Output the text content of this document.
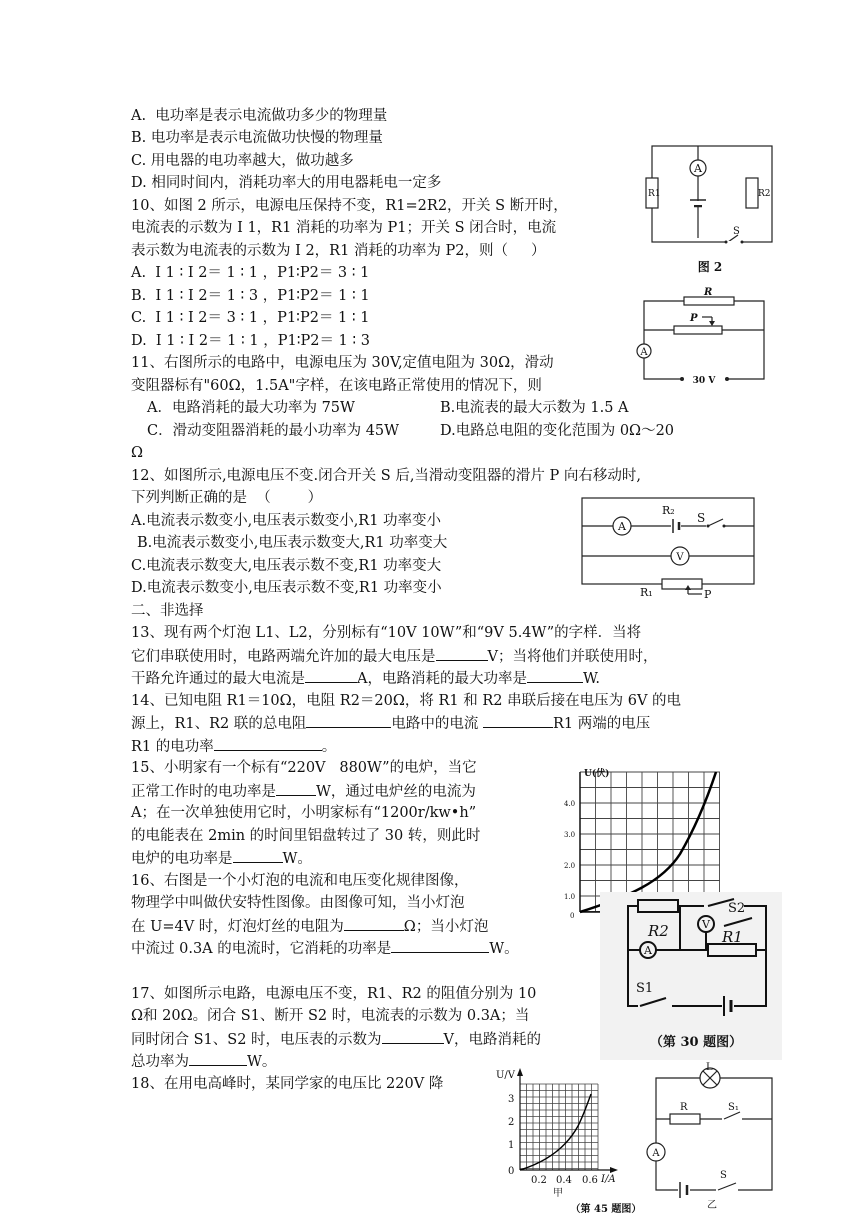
A.  电功率是表示电流做功多少的物理量
B. 电功率是表示电流做功快慢的物理量
C. 用电器的电功率越大，做功越多
D. 相同时间内，消耗功率大的用电器耗电一定多
10、如图 2 所示，电源电压保持不变，R1=2R2，开关 S 断开时，
电流表的示数为 I 1，R1 消耗的功率为 P1；开关 S 闭合时，电流
表示数为电流表的示数为 I 2，R1 消耗的功率为 P2，则（     ）
A.  I 1 ∶ I 2＝ 1 ∶ 1 ，P1∶P2＝ 3 ∶ 1
B.  I 1 ∶ I 2＝ 1 ∶ 3 ，P1∶P2＝ 1 ∶ 1
C.  I 1 ∶ I 2＝ 3 ∶ 1 ，P1∶P2＝ 1 ∶ 1
D.  I 1 ∶ I 2＝ 1 ∶ 1 ，P1∶P2＝ 1 ∶ 3
11、右图所示的电路中，电源电压为 30V,定值电阻为 30Ω，滑动
变阻器标有"60Ω，1.5A"字样，在该电路正常使用的情况下，则
A．电路消耗的最大功率为 75W	B.电流表的最大示数为 1.5 A
C．滑动变阻器消耗的最小功率为 45W	D.电路总电阻的变化范围为 0Ω～20
Ω
12、如图所示,电源电压不变.闭合开关 S 后,当滑动变阻器的滑片 P 向右移动时,
下列判断正确的是  （        ）
A.电流表示数变小,电压表示数变小,R1 功率变小
B.电流表示数变小,电压表示数变大,R1 功率变大
C.电流表示数变大,电压表示数不变,R1 功率变大
D.电流表示数变小,电压表示数不变,R1 功率变小
二、非选择
13、现有两个灯泡 L1、L2，分别标有“10V 10W”和“9V 5.4W”的字样．当将
它们串联使用时，电路两端允许加的最大电压是	V；当将他们并联使用时，
干路允许通过的最大电流是	A，电路消耗的最大功率是	W.
14、已知电阻 R1＝10Ω，电阻 R2＝20Ω，将 R1 和 R2 串联后接在电压为 6V 的电
源上，R1、R2 联的总电阻	电路中的电流	R1 两端的电压
R1 的电功率	。
15、小明家有一个标有“220V   880W”的电炉，当它
正常工作时的电功率是	W，通过电炉丝的电流为
A；在一次单独使用它时，小明家标有“1200r/kw•h”
的电能表在 2min 的时间里铝盘转过了 30 转，则此时
电炉的电功率是	W。
16、右图是一个小灯泡的电流和电压变化规律图像，
物理学中叫做伏安特性图像。由图像可知，当小灯泡
在 U=4V 时，灯泡灯丝的电阻为	Ω；当小灯泡
中流过 0.3A 的电流时，它消耗的功率是	W。
17、如图所示电路，电源电压不变，R1、R2 的阻值分别为 10
Ω和 20Ω。闭合 S1、断开 S2 时，电流表的示数为 0.3A；当
同时闭合 S1、S2 时，电压表的示数为	V，电路消耗的
总功率为	W。
18、在用电高峰时，某同学家的电压比 220V 降
A
R1	R2
S
图 2
R
P
A
30 V
A
V
R₂
S
R₁	P
U(伏)
4.0
3.0
2.0
1.0
0
R2	R1
V
A
S1
S2
（第 30 题图）
U/V
I/A
3
2
1
0
0.2 0.4 0.6
甲
（第 45 题图）
L
R	S₁
A
S
乙
